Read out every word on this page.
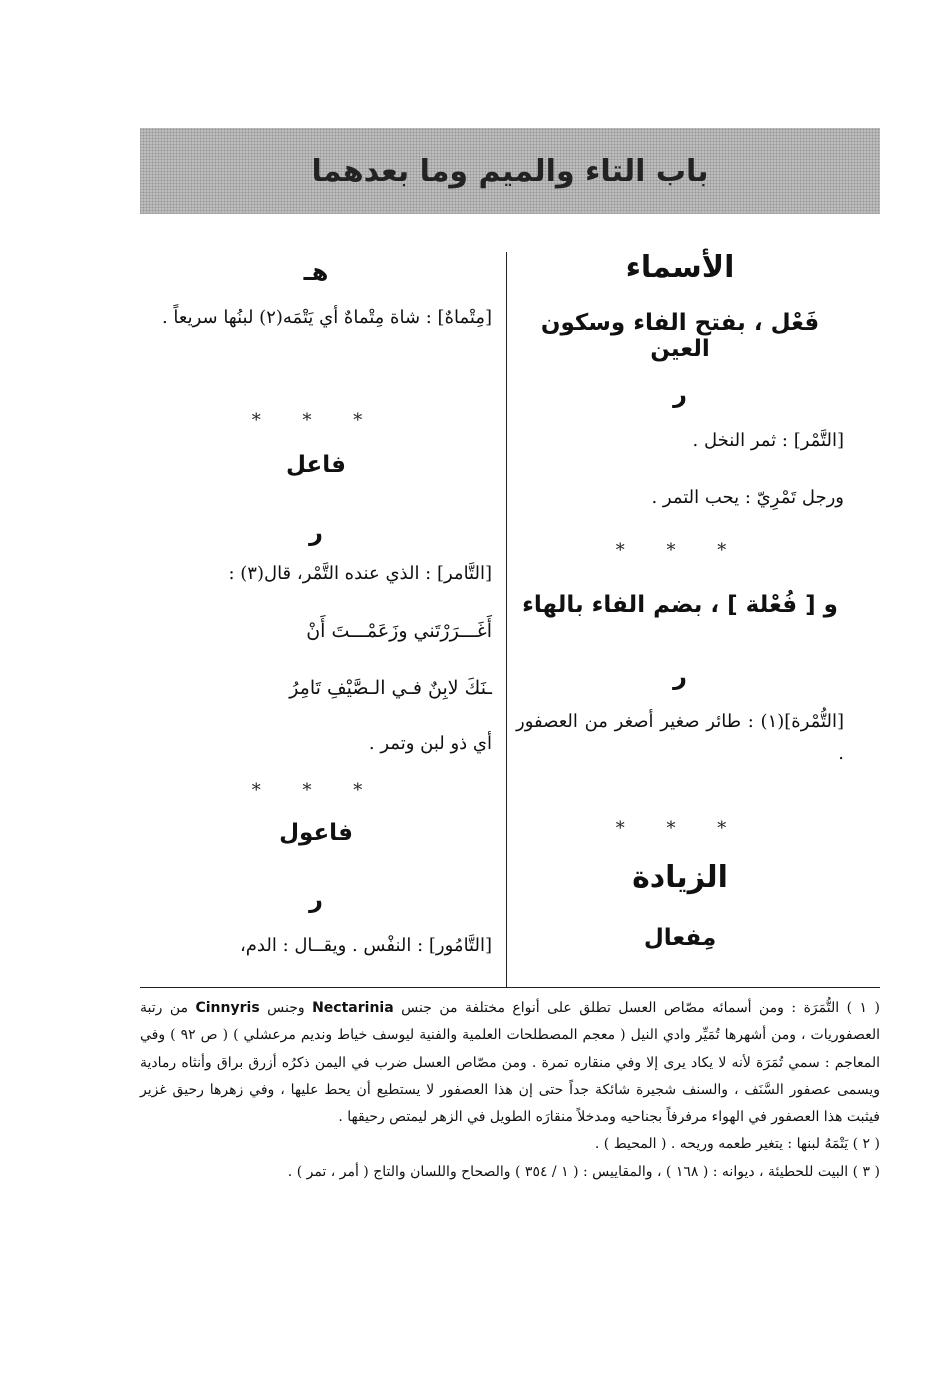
باب التاء والميم وما بعدهما
الأسماء
فَعْل ، بفتح الفاء وسكون العين
ر
[التَّمْر] : ثمر النخل .
ورجل تَمْرِيّ : يحب التمر .
* * *
و [ فُعْلة ] ، بضم الفاء بالهاء
ر
[التُّمْرة](١) : طائر صغير أصغر من العصفور .
* * *
الزيادة
مِفعال
هـ
[مِتْماهٌ] : شاة مِتْماهٌ أي يَتْمَه(٢) لبنُها سريعاً .
* * *
فاعل
ر
[التَّامر] : الذي عنده التَّمْر، قال(٣) :
أَغَـــرَرْتَني وزَعَمْـــتَ أَنْ
ـنَكَ لابِنٌ فـي الـصَّيْفِ تَامِرُ
أي ذو لبن وتمر .
* * *
فاعول
ر
[التَّامُور] : النفْس . ويقــال : الدم،

( ١ ) التُّمَرَة : ومن أسمائه مصّاص العسل تطلق على أنواع مختلفة من جنس Nectarinia وجنس Cinnyris من رتبة العصفوريات ، ومن أشهرها تُمَيِّر وادي النيل ( معجم المصطلحات العلمية والفنية ليوسف خياط ونديم مرعشلي ) ( ص ٩٢ ) وفي المعاجم : سمي تُمَرَة لأنه لا يكاد يرى إلا وفي منقاره تمرة . ومن مصّاص العسل ضرب في اليمن ذكرُه أزرق براق وأنثاه رمادية ويسمى عصفور السَّنَف ، والسنف شجيرة شائكة جداً حتى إن هذا العصفور لا يستطيع أن يحط عليها ، وفي زهرها رحيق غزير فيثبت هذا العصفور في الهواء مرفرفاً بجناحيه ومدخلاً منقارَه الطويل في الزهر ليمتص رحيقها .

( ٢ ) يَتْمَهُ لبنها : يتغير طعمه وريحه . ( المحيط ) .

( ٣ ) البيت للحطيئة ، ديوانه : ( ١٦٨ ) ، والمقاييس : ( ١ / ٣٥٤ ) والصحاح واللسان والتاج ( أمر ، تمر ) .
